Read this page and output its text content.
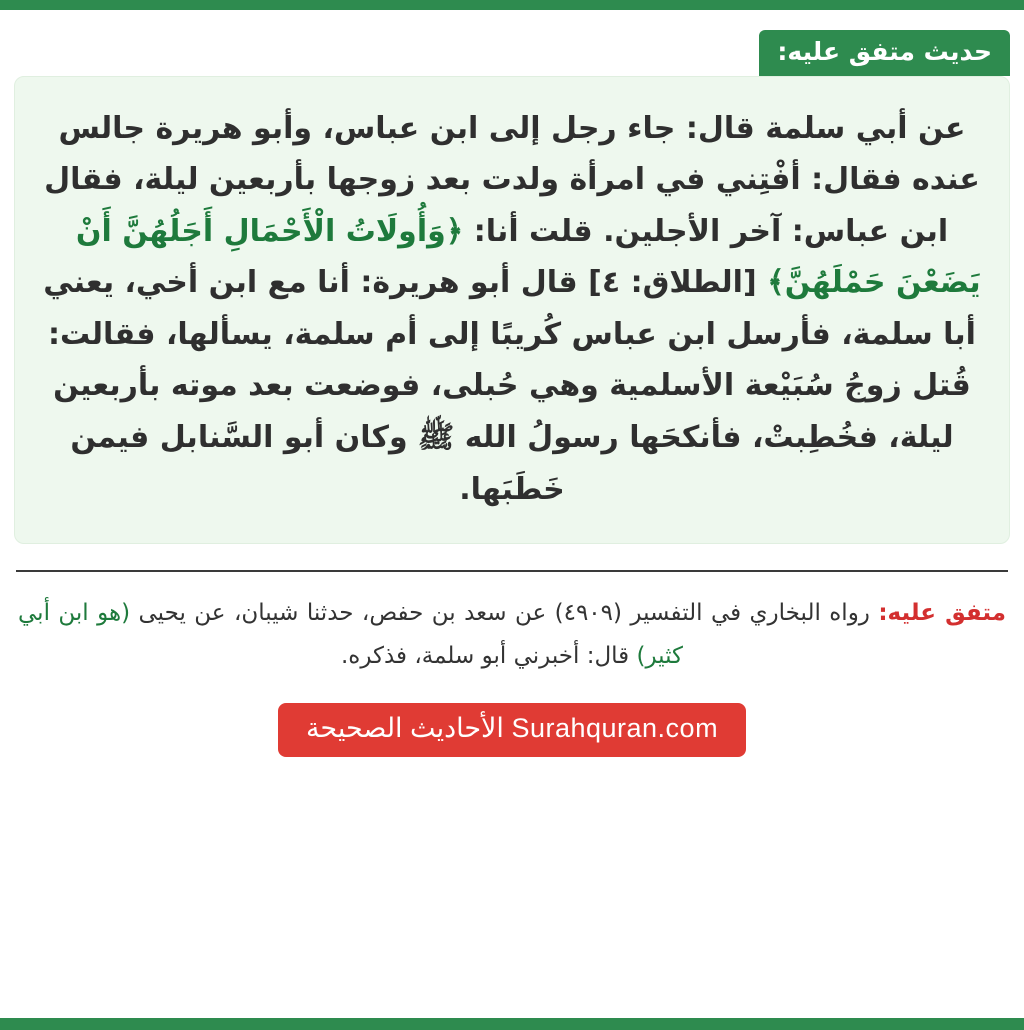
حديث متفق عليه:

عن أبي سلمة قال: جاء رجل إلى ابن عباس، وأبو هريرة جالس عنده فقال: أفْتِني في امرأة ولدت بعد زوجها بأربعين ليلة، فقال ابن عباس: آخر الأجلين. قلت أنا: ﴿وَأُولَاتُ الْأَحْمَالِ أَجَلُهُنَّ أَنْ يَضَعْنَ حَمْلَهُنَّ﴾ [الطلاق: ٤] قال أبو هريرة: أنا مع ابن أخي، يعني أبا سلمة، فأرسل ابن عباس كُريبًا إلى أم سلمة، يسألها، فقالت: قُتل زوجُ سُبَيْعة الأسلمية وهي حُبلى، فوضعت بعد موته بأربعين ليلة، فخُطِبتْ، فأنكحَها رسولُ الله ﷺ وكان أبو السَّنابل فيمن خَطَبَها.

متفق عليه: رواه البخاري في التفسير (٤٩٠٩) عن سعد بن حفص، حدثنا شيبان، عن يحيى (هو ابن أبي كثير) قال: أخبرني أبو سلمة، فذكره.
Surahquran.com الأحاديث الصحيحة
